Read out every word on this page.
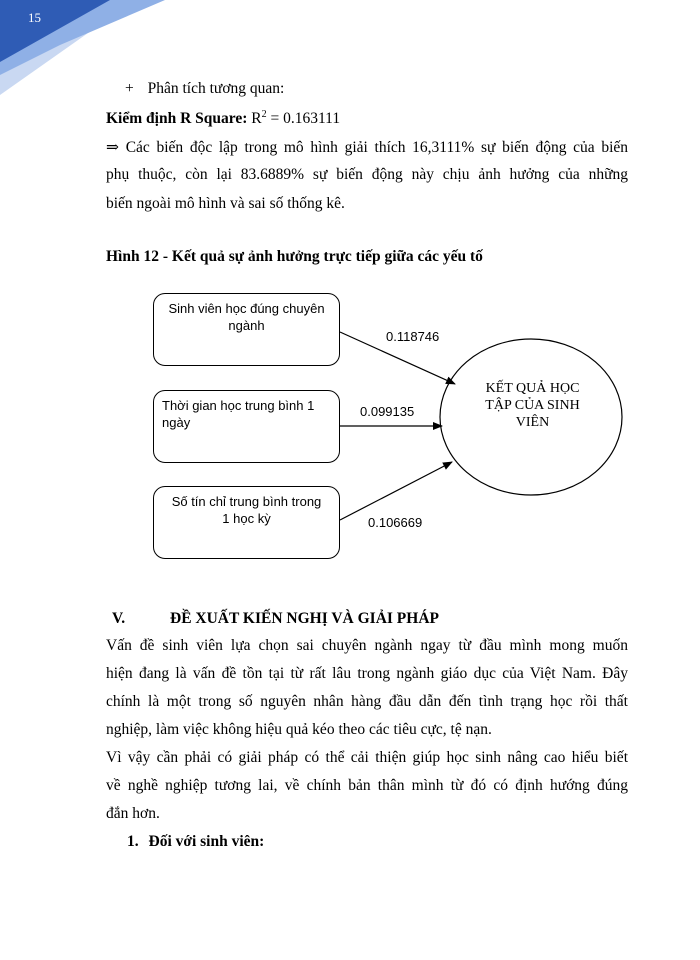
15
+ Phân tích tương quan:
Kiểm định R Square: $R^2 = 0.163111$
⇒ Các biến độc lập trong mô hình giải thích 16,3111% sự biến động của biến
phụ thuộc, còn lại 83.6889% sự biến động này chịu ảnh hưởng của những
biến ngoài mô hình và sai số thống kê.
Hình 12 - Kết quả sự ảnh hưởng trực tiếp giữa các yếu tố
Sinh viên học đúng chuyên
ngành
Thời gian học trung bình 1
ngày
Số tín chỉ trung bình trong
1 học kỳ
0.118746
0.099135
0.106669
KẾT QUẢ HỌC
TẬP CỦA SINH
VIÊN
V.	ĐỀ XUẤT KIẾN NGHỊ VÀ GIẢI PHÁP
Vấn đề sinh viên lựa chọn sai chuyên ngành ngay từ đầu mình mong muốn
hiện đang là vấn đề tồn tại từ rất lâu trong ngành giáo dục của Việt Nam. Đây
chính là một trong số nguyên nhân hàng đầu dẫn đến tình trạng học rồi thất
nghiệp, làm việc không hiệu quả kéo theo các tiêu cực, tệ nạn.
Vì vậy cần phải có giải pháp có thể cải thiện giúp học sinh nâng cao hiểu biết
về nghề nghiệp tương lai, về chính bản thân mình từ đó có định hướng đúng
đắn hơn.
1. Đối với sinh viên:
